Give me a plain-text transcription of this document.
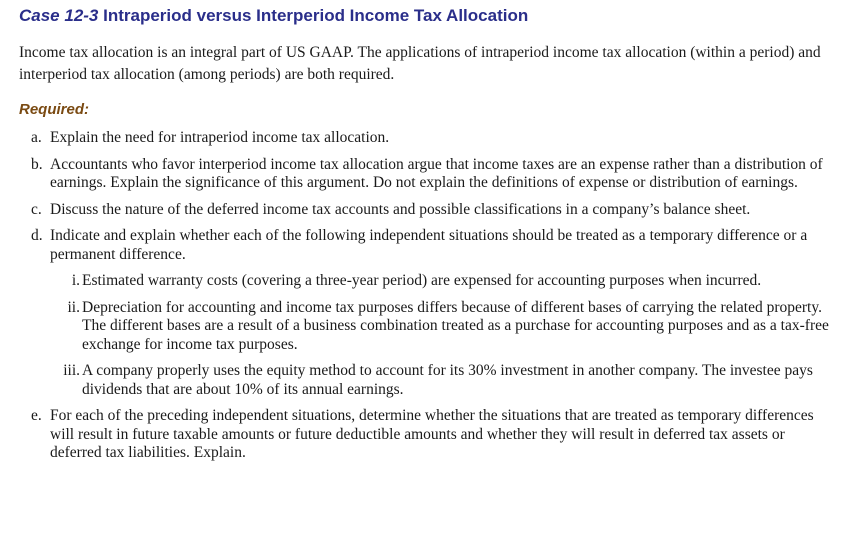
Case 12-3 Intraperiod versus Interperiod Income Tax Allocation

Income tax allocation is an integral part of US GAAP. The applications of intraperiod income tax allocation (within a period) and interperiod tax allocation (among periods) are both required.

Required:
a. Explain the need for intraperiod income tax allocation.
b. Accountants who favor interperiod income tax allocation argue that income taxes are an expense rather than a distribution of earnings. Explain the significance of this argument. Do not explain the definitions of expense or distribution of earnings.
c. Discuss the nature of the deferred income tax accounts and possible classifications in a company’s balance sheet.
d. Indicate and explain whether each of the following independent situations should be treated as a temporary difference or a permanent difference.
i. Estimated warranty costs (covering a three-year period) are expensed for accounting purposes when incurred.
ii. Depreciation for accounting and income tax purposes differs because of different bases of carrying the related property. The different bases are a result of a business combination treated as a purchase for accounting purposes and as a tax-free exchange for income tax purposes.
iii. A company properly uses the equity method to account for its 30% investment in another company. The investee pays dividends that are about 10% of its annual earnings.
e. For each of the preceding independent situations, determine whether the situations that are treated as temporary differences will result in future taxable amounts or future deductible amounts and whether they will result in deferred tax assets or deferred tax liabilities. Explain.
